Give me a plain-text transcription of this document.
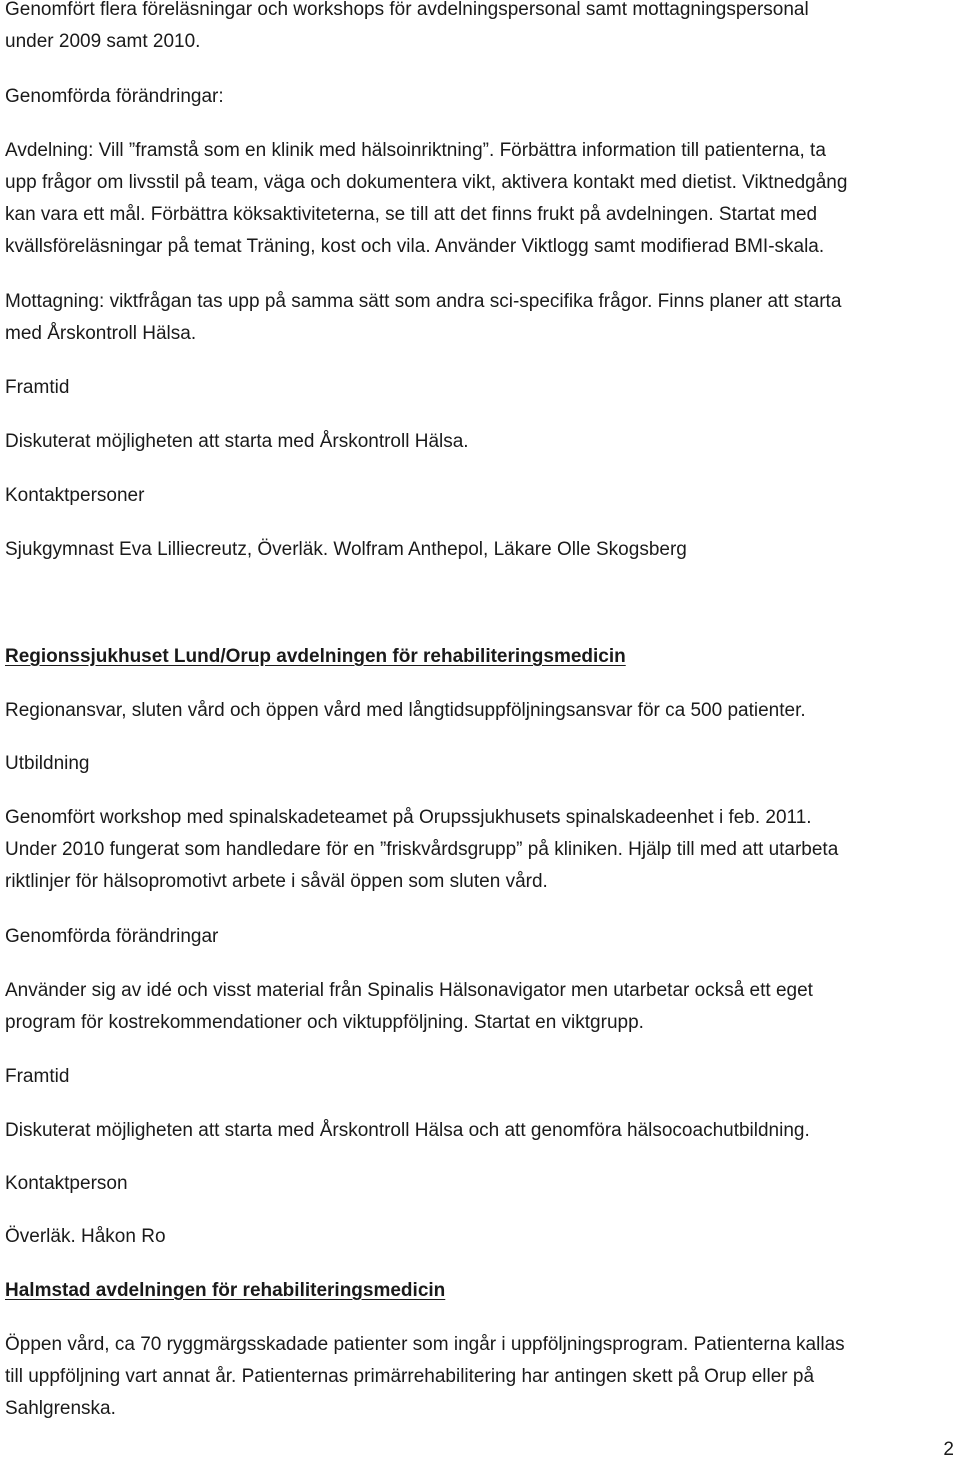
Genomfört flera föreläsningar och workshops för avdelningspersonal samt mottagningspersonal

under 2009 samt 2010.

Genomförda förändringar:

Avdelning: Vill ”framstå som en klinik med hälsoinriktning”. Förbättra information till patienterna, ta

upp frågor om livsstil på team, väga och dokumentera vikt, aktivera kontakt med dietist. Viktnedgång

kan vara ett mål. Förbättra köksaktiviteterna, se till att det finns frukt på avdelningen. Startat med

kvällsföreläsningar på temat Träning, kost och vila. Använder Viktlogg samt modifierad BMI-skala.

Mottagning: viktfrågan tas upp på samma sätt som andra sci-specifika frågor. Finns planer att starta

med Årskontroll Hälsa.

Framtid

Diskuterat möjligheten att starta med Årskontroll Hälsa.

Kontaktpersoner

Sjukgymnast Eva Lilliecreutz, Överläk. Wolfram Anthepol, Läkare Olle Skogsberg

Regionssjukhuset Lund/Orup avdelningen för rehabiliteringsmedicin

Regionansvar, sluten vård och öppen vård med långtidsuppföljningsansvar för ca 500 patienter.

Utbildning

Genomfört workshop med spinalskadeteamet på Orupssjukhusets spinalskadeenhet i feb. 2011.

Under 2010 fungerat som handledare för en ”friskvårdsgrupp” på kliniken. Hjälp till med att utarbeta

riktlinjer för hälsopromotivt arbete i såväl öppen som sluten vård.

Genomförda förändringar

Använder sig av idé och visst material från Spinalis Hälsonavigator men utarbetar också ett eget

program för kostrekommendationer och viktuppföljning. Startat en viktgrupp.

Framtid

Diskuterat möjligheten att starta med Årskontroll Hälsa och att genomföra hälsocoachutbildning.

Kontaktperson

Överläk. Håkon Ro

Halmstad avdelningen för rehabiliteringsmedicin

Öppen vård, ca 70 ryggmärgsskadade patienter som ingår i uppföljningsprogram. Patienterna kallas

till uppföljning vart annat år. Patienternas primärrehabilitering har antingen skett på Orup eller på

Sahlgrenska.

2
